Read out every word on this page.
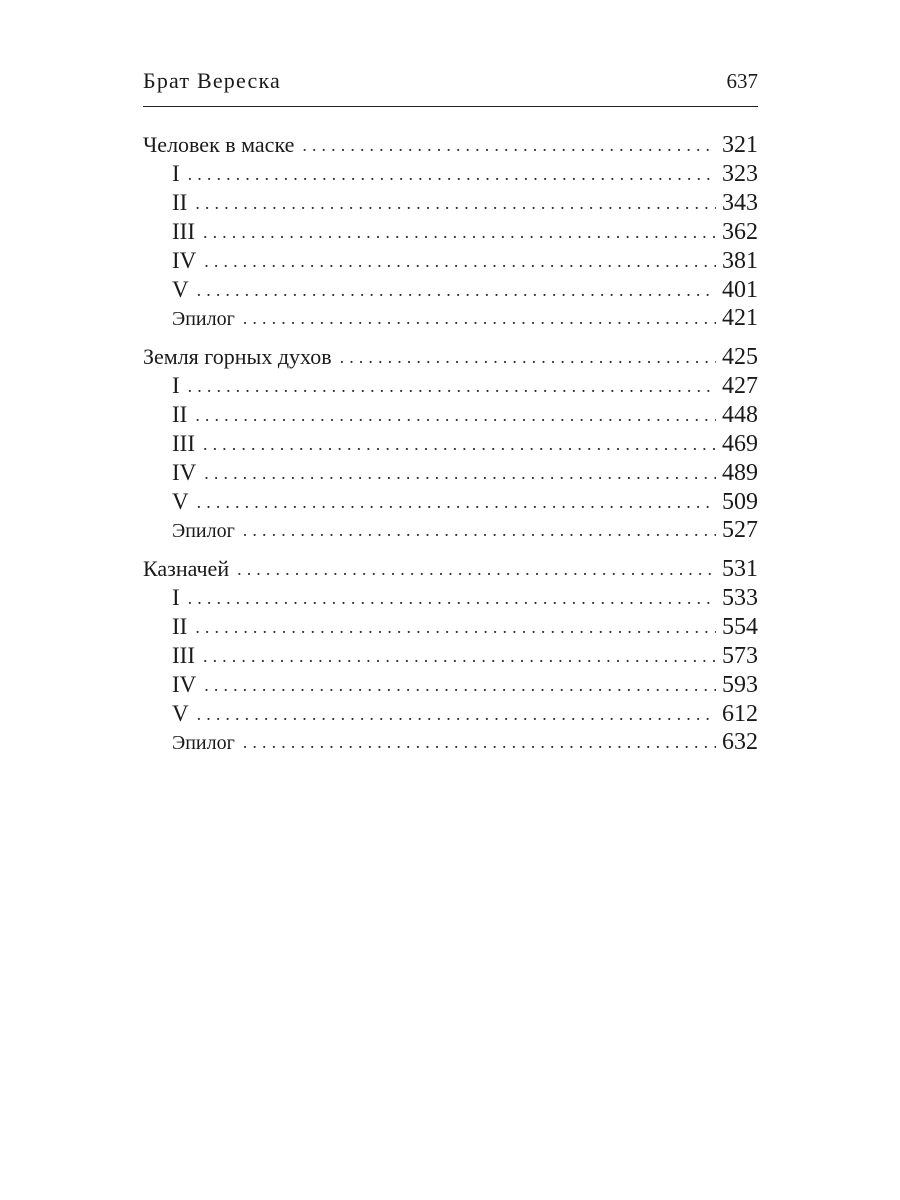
Брат Вереска	637
Человек в маске . . .	321
I . . .	323
II . . .	343
III . . .	362
IV . . .	381
V . . .	401
Эпилог . . .	421
Земля горных духов . . .	425
I . . .	427
II . . .	448
III . . .	469
IV . . .	489
V . . .	509
Эпилог . . .	527
Казначей . . .	531
I . . .	533
II . . .	554
III . . .	573
IV . . .	593
V . . .	612
Эпилог . . .	632
